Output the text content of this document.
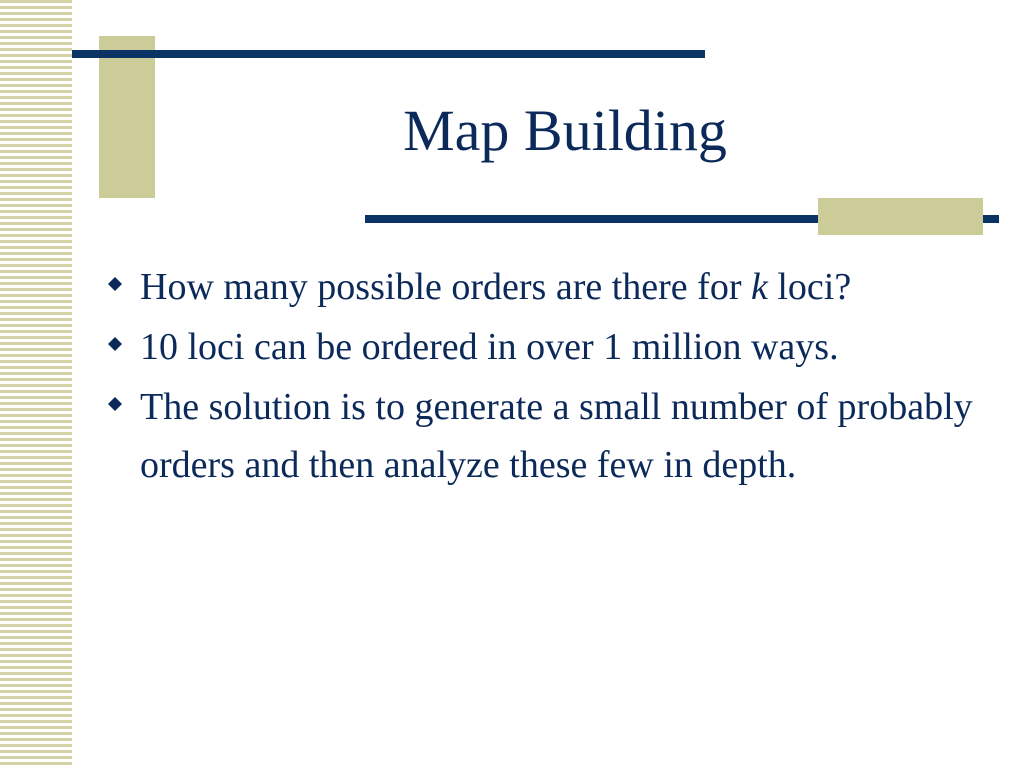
Map Building
How many possible orders are there for k loci?
10 loci can be ordered in over 1 million ways.
The solution is to generate a small number of probably orders and then analyze these few in depth.
